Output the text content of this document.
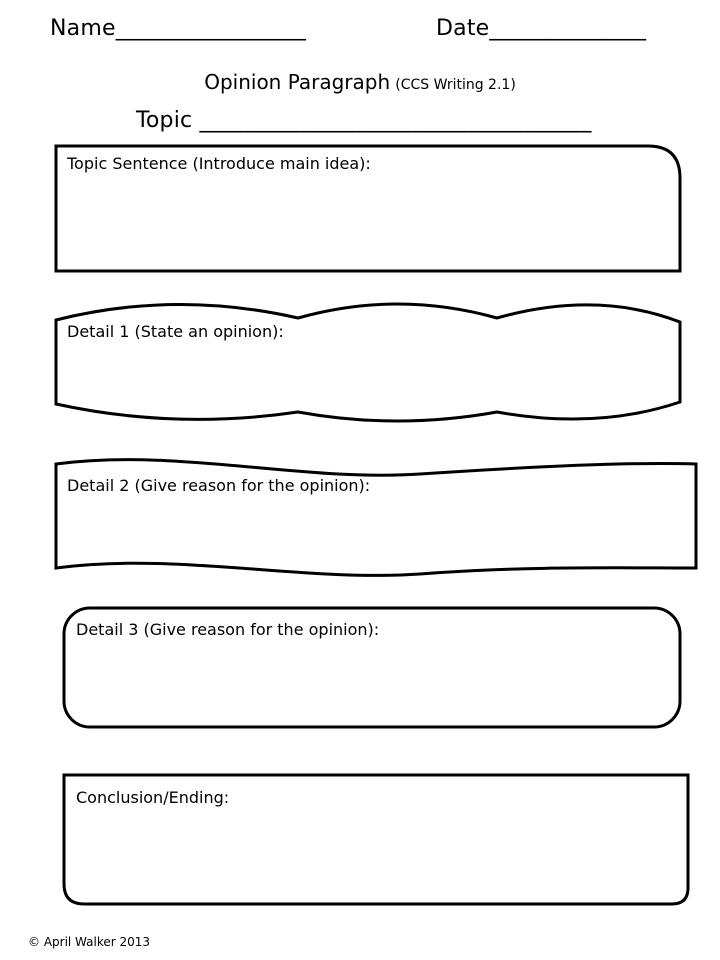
Name_________________	Date______________
Opinion Paragraph (CCS Writing 2.1)
Topic ___________________________________
Topic Sentence (Introduce main idea):
Detail 1 (State an opinion):
Detail 2 (Give reason for the opinion):
Detail 3 (Give reason for the opinion):
Conclusion/Ending:
© April Walker 2013
